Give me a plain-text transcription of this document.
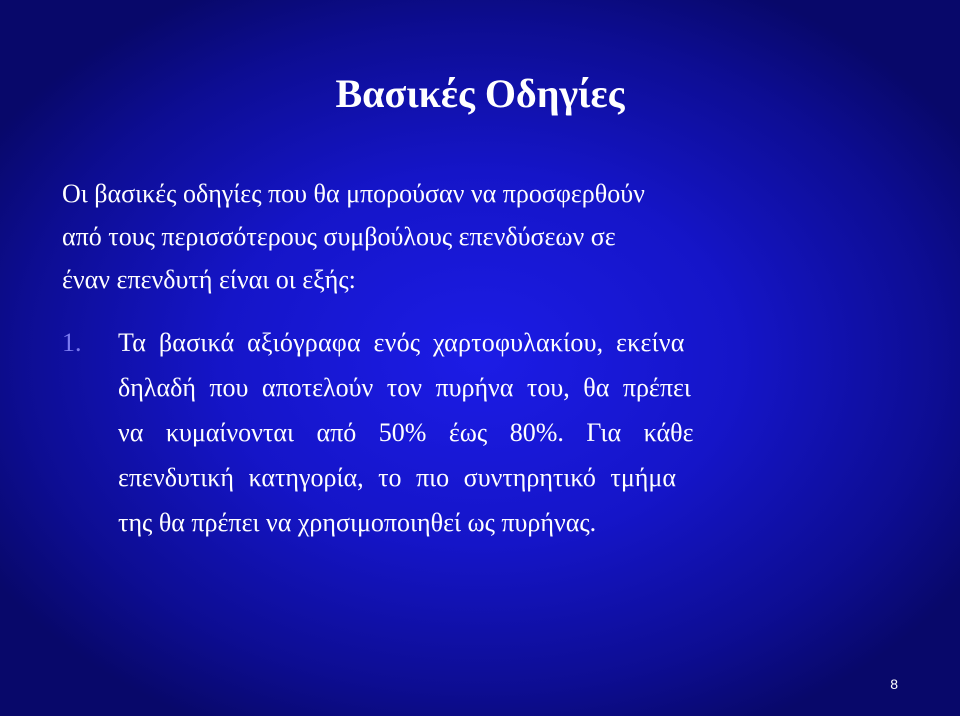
Βασικές Οδηγίες
Οι βασικές οδηγίες που θα μπορούσαν να προσφερθούν
από τους περισσότερους συμβούλους επενδύσεων σε
έναν επενδυτή είναι οι εξής:
1. Τα βασικά αξιόγραφα ενός χαρτοφυλακίου, εκείνα
δηλαδή που αποτελούν τον πυρήνα του, θα πρέπει
να κυμαίνονται από 50% έως 80%. Για κάθε
επενδυτική κατηγορία, το πιο συντηρητικό τμήμα
της θα πρέπει να χρησιμοποιηθεί ως πυρήνας.
8
